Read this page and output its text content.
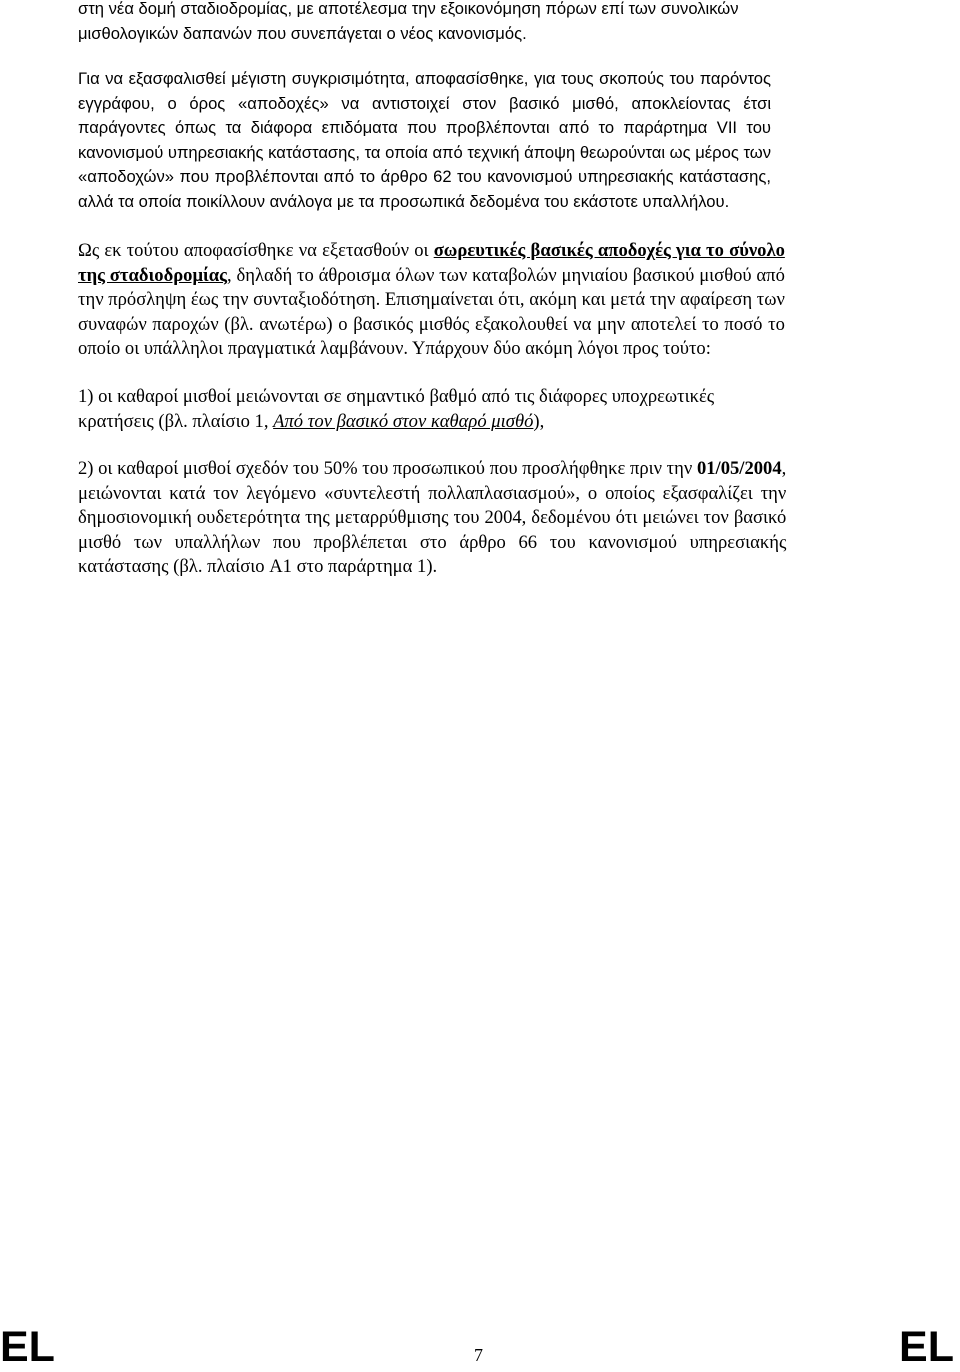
στη νέα δομή σταδιοδρομίας, με αποτέλεσμα την εξοικονόμηση πόρων επί των συνολικών
μισθολογικών δαπανών που συνεπάγεται ο νέος κανονισμός.
Για να εξασφαλισθεί μέγιστη συγκρισιμότητα, αποφασίσθηκε, για τους σκοπούς του παρόντος
εγγράφου, ο όρος «αποδοχές» να αντιστοιχεί στον βασικό μισθό, αποκλείοντας έτσι
παράγοντες όπως τα διάφορα επιδόματα που προβλέπονται από το παράρτημα VII του
κανονισμού υπηρεσιακής κατάστασης, τα οποία από τεχνική άποψη θεωρούνται ως μέρος των
«αποδοχών» που προβλέπονται από το άρθρο 62 του κανονισμού υπηρεσιακής κατάστασης,
αλλά τα οποία ποικίλλουν ανάλογα με τα προσωπικά δεδομένα του εκάστοτε υπαλλήλου.
Ως εκ τούτου αποφασίσθηκε να εξετασθούν οι σωρευτικές βασικές αποδοχές για το σύνολο
της σταδιοδρομίας, δηλαδή το άθροισμα όλων των καταβολών μηνιαίου βασικού μισθού από
την πρόσληψη έως την συνταξιοδότηση. Επισημαίνεται ότι, ακόμη και μετά την αφαίρεση των
συναφών παροχών (βλ. ανωτέρω) ο βασικός μισθός εξακολουθεί να μην αποτελεί το ποσό το
οποίο οι υπάλληλοι πραγματικά λαμβάνουν. Υπάρχουν δύο ακόμη λόγοι προς τούτο:
1) οι καθαροί μισθοί μειώνονται σε σημαντικό βαθμό από τις διάφορες υποχρεωτικές
κρατήσεις (βλ. πλαίσιο 1, Από τον βασικό στον καθαρό μισθό),
2) οι καθαροί μισθοί σχεδόν του 50% του προσωπικού που προσλήφθηκε πριν την 01/05/2004,
μειώνονται κατά τον λεγόμενο «συντελεστή πολλαπλασιασμού», ο οποίος εξασφαλίζει την
δημοσιονομική ουδετερότητα της μεταρρύθμισης του 2004, δεδομένου ότι μειώνει τον βασικό
μισθό των υπαλλήλων που προβλέπεται στο άρθρο 66 του κανονισμού υπηρεσιακής
κατάστασης (βλ. πλαίσιο A1 στο παράρτημα 1).
EL	7	EL
